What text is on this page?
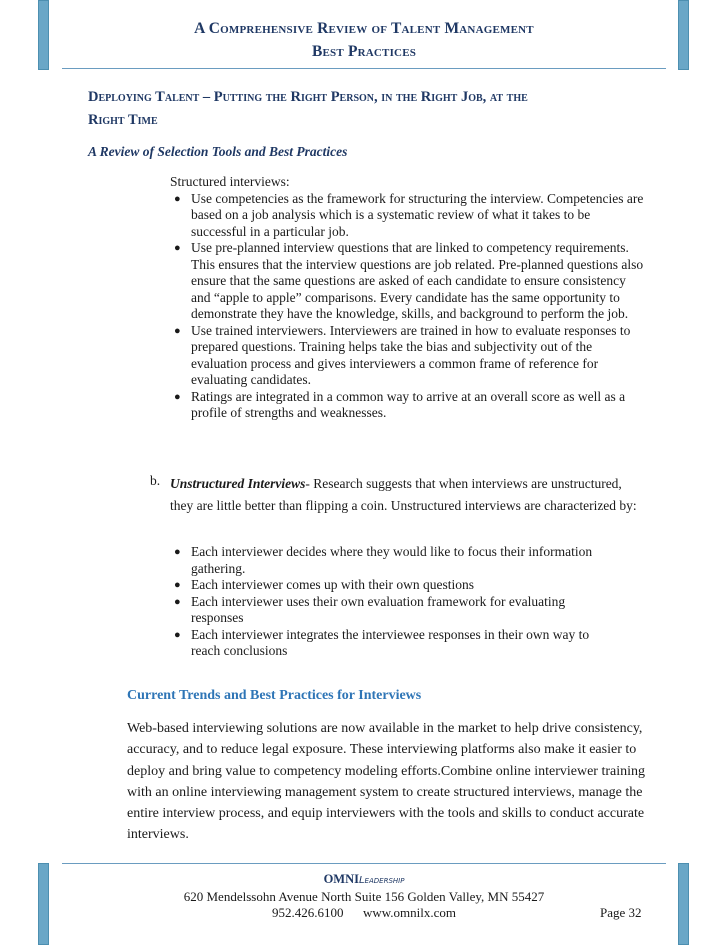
A Comprehensive Review of Talent Management
Best Practices
Deploying Talent – Putting the Right Person, in the Right Job, at the
Right Time
A Review of Selection Tools and Best Practices
Structured interviews:
● Use competencies as the framework for structuring the interview. Competencies are based on a job analysis which is a systematic review of what it takes to be successful in a particular job.
● Use pre-planned interview questions that are linked to competency requirements. This ensures that the interview questions are job related. Pre-planned questions also ensure that the same questions are asked of each candidate to ensure consistency and “apple to apple” comparisons. Every candidate has the same opportunity to demonstrate they have the knowledge, skills, and background to perform the job.
● Use trained interviewers. Interviewers are trained in how to evaluate responses to prepared questions. Training helps take the bias and subjectivity out of the evaluation process and gives interviewers a common frame of reference for evaluating candidates.
● Ratings are integrated in a common way to arrive at an overall score as well as a profile of strengths and weaknesses.
b. Unstructured Interviews- Research suggests that when interviews are unstructured, they are little better than flipping a coin. Unstructured interviews are characterized by:
● Each interviewer decides where they would like to focus their information gathering.
● Each interviewer comes up with their own questions
● Each interviewer uses their own evaluation framework for evaluating responses
● Each interviewer integrates the interviewee responses in their own way to reach conclusions
Current Trends and Best Practices for Interviews
Web-based interviewing solutions are now available in the market to help drive consistency, accuracy, and to reduce legal exposure. These interviewing platforms also make it easier to deploy and bring value to competency modeling efforts.Combine online interviewer training with an online interviewing management system to create structured interviews, manage the entire interview process, and equip interviewers with the tools and skills to conduct accurate interviews.
OMNILeadership
620 Mendelssohn Avenue North Suite 156 Golden Valley, MN 55427
952.426.6100 www.omnilx.com	Page 32
